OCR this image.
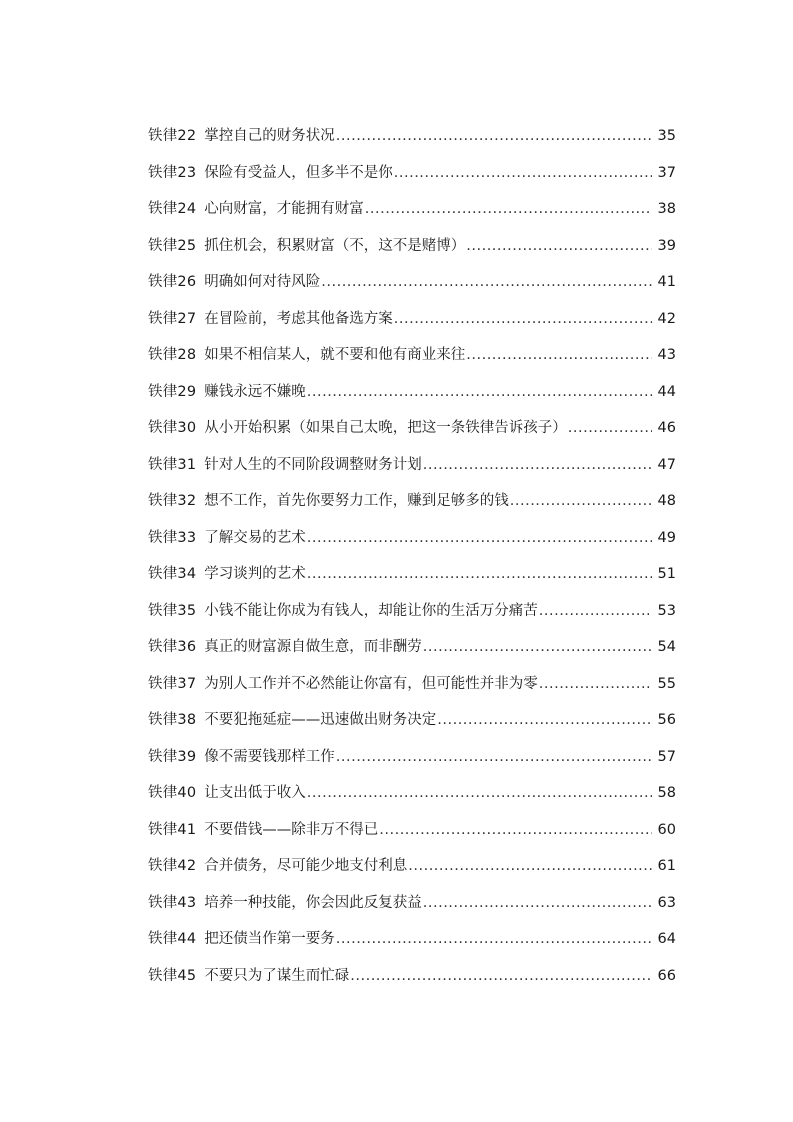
铁律22 掌控自己的财务状况 .....	35
铁律23 保险有受益人，但多半不是你 .....	37
铁律24 心向财富，才能拥有财富 .....	38
铁律25 抓住机会，积累财富（不，这不是赌博） .....	39
铁律26 明确如何对待风险 .....	41
铁律27 在冒险前，考虑其他备选方案 .....	42
铁律28 如果不相信某人，就不要和他有商业来往 .....	43
铁律29 赚钱永远不嫌晚 .....	44
铁律30 从小开始积累（如果自己太晚，把这一条铁律告诉孩子） .....	46
铁律31 针对人生的不同阶段调整财务计划 .....	47
铁律32 想不工作，首先你要努力工作，赚到足够多的钱 .....	48
铁律33 了解交易的艺术 .....	49
铁律34 学习谈判的艺术 .....	51
铁律35 小钱不能让你成为有钱人，却能让你的生活万分痛苦 .....	53
铁律36 真正的财富源自做生意，而非酬劳 .....	54
铁律37 为别人工作并不必然能让你富有，但可能性并非为零 .....	55
铁律38 不要犯拖延症——迅速做出财务决定 .....	56
铁律39 像不需要钱那样工作 .....	57
铁律40 让支出低于收入 .....	58
铁律41 不要借钱——除非万不得已 .....	60
铁律42 合并债务，尽可能少地支付利息 .....	61
铁律43 培养一种技能，你会因此反复获益 .....	63
铁律44 把还债当作第一要务 .....	64
铁律45 不要只为了谋生而忙碌 .....	66
